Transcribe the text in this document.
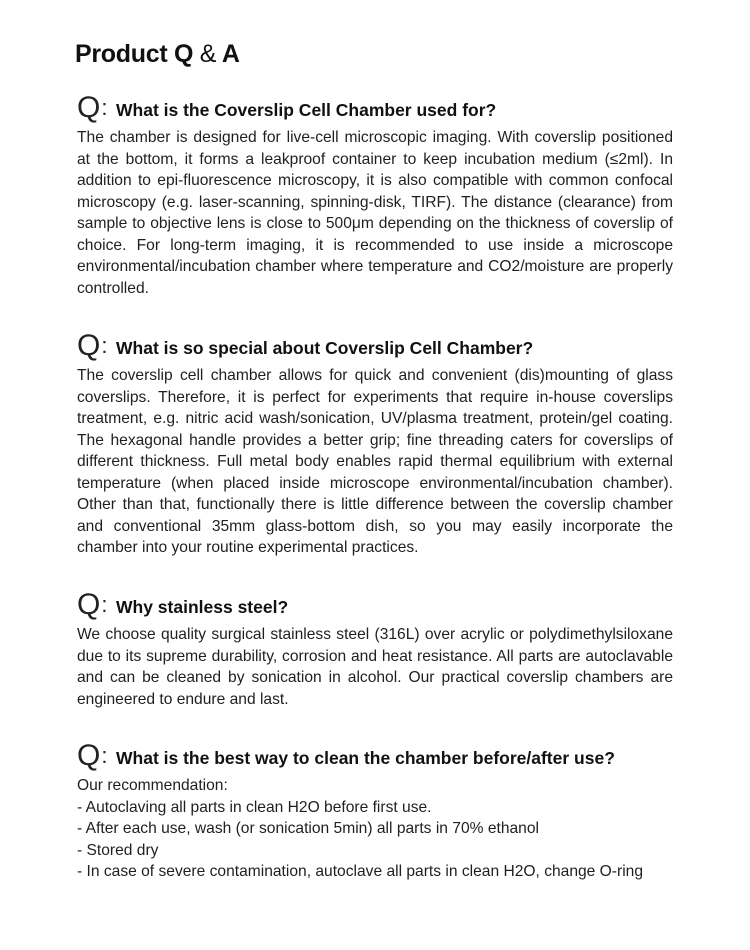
Product Q & A
Q: What is the Coverslip Cell Chamber used for?

The chamber is designed for live-cell microscopic imaging. With coverslip positioned at the bottom, it forms a leakproof container to keep incubation medium (≤2ml). In addition to epi-fluorescence microscopy, it is also compatible with common confocal microscopy (e.g. laser-scanning, spinning-disk, TIRF). The distance (clearance) from sample to objective lens is close to 500μm depending on the thickness of coverslip of choice. For long-term imaging, it is recommended to use inside a microscope environmental/incubation chamber where temperature and CO2/moisture are properly controlled.

Q: What is so special about Coverslip Cell Chamber?

The coverslip cell chamber allows for quick and convenient (dis)mounting of glass coverslips. Therefore, it is perfect for experiments that require in-house coverslips treatment, e.g. nitric acid wash/sonication, UV/plasma treatment, protein/gel coating. The hexagonal handle provides a better grip; fine threading caters for coverslips of different thickness. Full metal body enables rapid thermal equilibrium with external temperature (when placed inside microscope environmental/incubation chamber). Other than that, functionally there is little difference between the coverslip chamber and conventional 35mm glass-bottom dish, so you may easily incorporate the chamber into your routine experimental practices.

Q: Why stainless steel?

We choose quality surgical stainless steel (316L) over acrylic or polydimethylsiloxane due to its supreme durability, corrosion and heat resistance. All parts are autoclavable and can be cleaned by sonication in alcohol. Our practical coverslip chambers are engineered to endure and last.

Q: What is the best way to clean the chamber before/after use?
Our recommendation:
- Autoclaving all parts in clean H2O before first use.
- After each use, wash (or sonication 5min) all parts in 70% ethanol
- Stored dry
- In case of severe contamination, autoclave all parts in clean H2O, change O-ring
